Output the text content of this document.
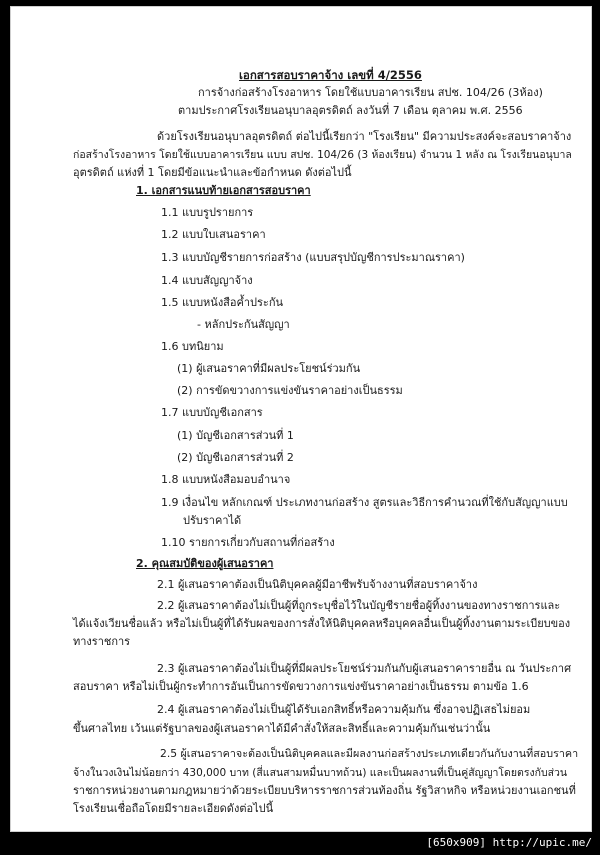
เอกสารสอบราคาจ้าง เลขที่ 4/2556
การจ้างก่อสร้างโรงอาหาร โดยใช้แบบอาคารเรียน สปช. 104/26 (3ห้อง)
ตามประกาศโรงเรียนอนุบาลอุตรดิตถ์ ลงวันที่ 7 เดือน ตุลาคม พ.ศ. 2556
ด้วยโรงเรียนอนุบาลอุตรดิตถ์ ต่อไปนี้เรียกว่า "โรงเรียน" มีความประสงค์จะสอบราคาจ้าง
ก่อสร้างโรงอาหาร โดยใช้แบบอาคารเรียน แบบ สปช. 104/26 (3 ห้องเรียน) จำนวน 1 หลัง ณ โรงเรียนอนุบาล
อุตรดิตถ์ แห่งที่ 1 โดยมีข้อแนะนำและข้อกำหนด ดังต่อไปนี้
1. เอกสารแนบท้ายเอกสารสอบราคา
1.1 แบบรูปรายการ
1.2 แบบใบเสนอราคา
1.3 แบบบัญชีรายการก่อสร้าง (แบบสรุปบัญชีการประมาณราคา)
1.4 แบบสัญญาจ้าง
1.5 แบบหนังสือค้ำประกัน
- หลักประกันสัญญา
1.6 บทนิยาม
(1) ผู้เสนอราคาที่มีผลประโยชน์ร่วมกัน
(2) การขัดขวางการแข่งขันราคาอย่างเป็นธรรม
1.7 แบบบัญชีเอกสาร
(1) บัญชีเอกสารส่วนที่ 1
(2) บัญชีเอกสารส่วนที่ 2
1.8 แบบหนังสือมอบอำนาจ
1.9 เงื่อนไข หลักเกณฑ์ ประเภทงานก่อสร้าง สูตรและวิธีการคำนวณที่ใช้กับสัญญาแบบ
ปรับราคาได้
1.10 รายการเกี่ยวกับสถานที่ก่อสร้าง
2. คุณสมบัติของผู้เสนอราคา
2.1 ผู้เสนอราคาต้องเป็นนิติบุคคลผู้มีอาชีพรับจ้างงานที่สอบราคาจ้าง
2.2 ผู้เสนอราคาต้องไม่เป็นผู้ที่ถูกระบุชื่อไว้ในบัญชีรายชื่อผู้ทิ้งงานของทางราชการและ
ได้แจ้งเวียนชื่อแล้ว หรือไม่เป็นผู้ที่ได้รับผลของการสั่งให้นิติบุคคลหรือบุคคลอื่นเป็นผู้ทิ้งงานตามระเบียบของ
ทางราชการ
2.3 ผู้เสนอราคาต้องไม่เป็นผู้ที่มีผลประโยชน์ร่วมกันกับผู้เสนอราคารายอื่น ณ วันประกาศ
สอบราคา หรือไม่เป็นผู้กระทำการอันเป็นการขัดขวางการแข่งขันราคาอย่างเป็นธรรม ตามข้อ 1.6
2.4 ผู้เสนอราคาต้องไม่เป็นผู้ได้รับเอกสิทธิ์หรือความคุ้มกัน ซึ่งอาจปฏิเสธไม่ยอม
ขึ้นศาลไทย เว้นแต่รัฐบาลของผู้เสนอราคาได้มีคำสั่งให้สละสิทธิ์และความคุ้มกันเช่นว่านั้น
2.5 ผู้เสนอราคาจะต้องเป็นนิติบุคคลและมีผลงานก่อสร้างประเภทเดียวกันกับงานที่สอบราคา
จ้างในวงเงินไม่น้อยกว่า 430,000 บาท (สี่แสนสามหมื่นบาทถ้วน) และเป็นผลงานที่เป็นคู่สัญญาโดยตรงกับส่วน
ราชการหน่วยงานตามกฎหมายว่าด้วยระเบียบบริหารราชการส่วนท้องถิ่น รัฐวิสาหกิจ หรือหน่วยงานเอกชนที่
โรงเรียนเชื่อถือโดยมีรายละเอียดดังต่อไปนี้
[650x909] http://upic.me/
